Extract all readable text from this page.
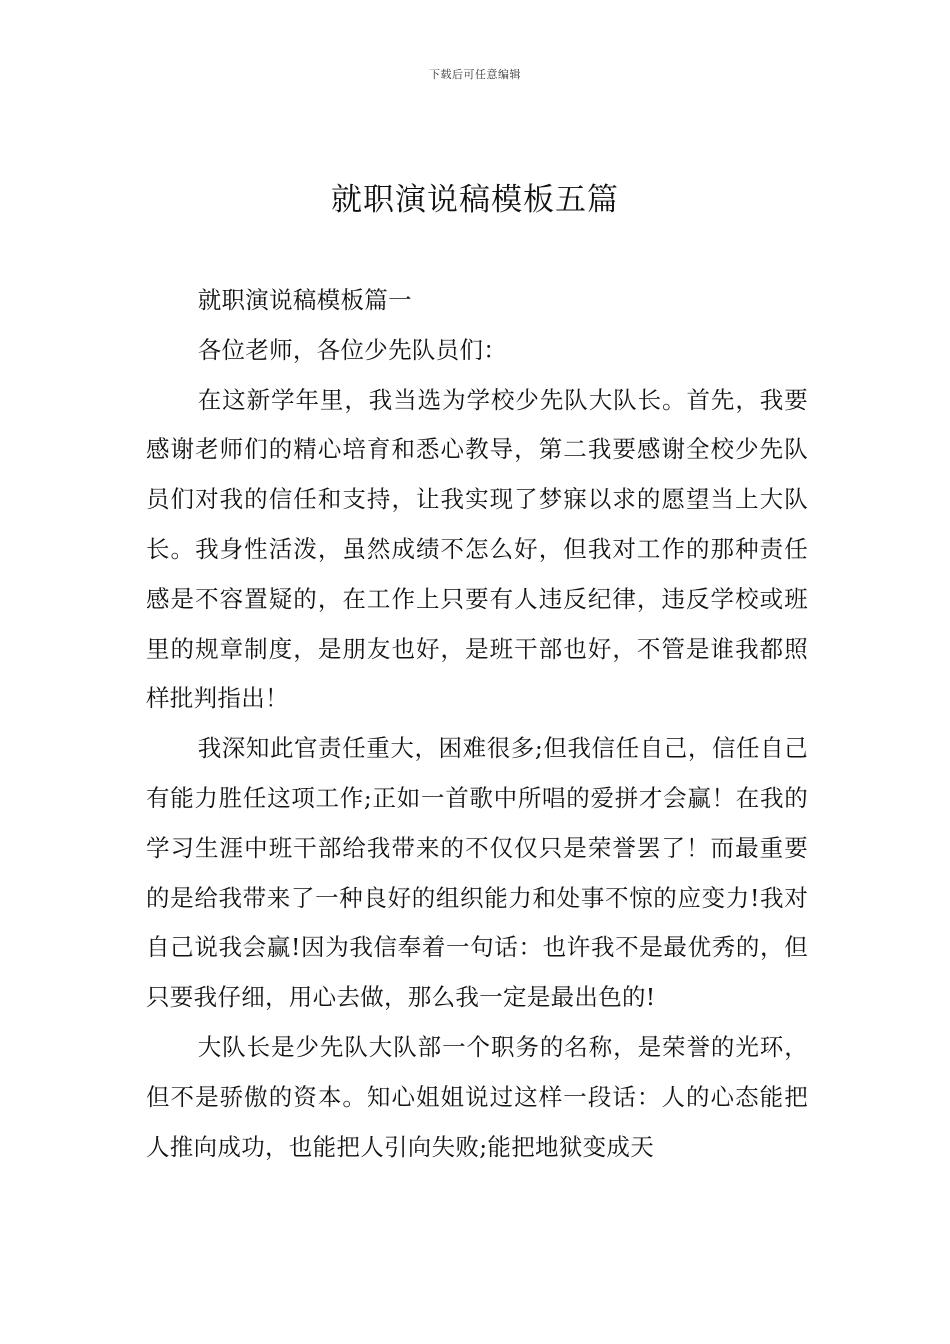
下载后可任意编辑
就职演说稿模板五篇

就职演说稿模板篇一

各位老师，各位少先队员们：

在这新学年里，我当选为学校少先队大队长。首先，我要感谢老师们的精心培育和悉心教导，第二我要感谢全校少先队员们对我的信任和支持，让我实现了梦寐以求的愿望当上大队长。我身性活泼，虽然成绩不怎么好，但我对工作的那种责任感是不容置疑的，在工作上只要有人违反纪律，违反学校或班里的规章制度，是朋友也好，是班干部也好，不管是谁我都照样批判指出！

我深知此官责任重大，困难很多;但我信任自己，信任自己有能力胜任这项工作;正如一首歌中所唱的爱拼才会赢！在我的学习生涯中班干部给我带来的不仅仅只是荣誉罢了！而最重要的是给我带来了一种良好的组织能力和处事不惊的应变力!我对自己说我会赢!因为我信奉着一句话：也许我不是最优秀的，但只要我仔细，用心去做，那么我一定是最出色的!

大队长是少先队大队部一个职务的名称，是荣誉的光环，但不是骄傲的资本。知心姐姐说过这样一段话：人的心态能把人推向成功，也能把人引向失败;能把地狱变成天
